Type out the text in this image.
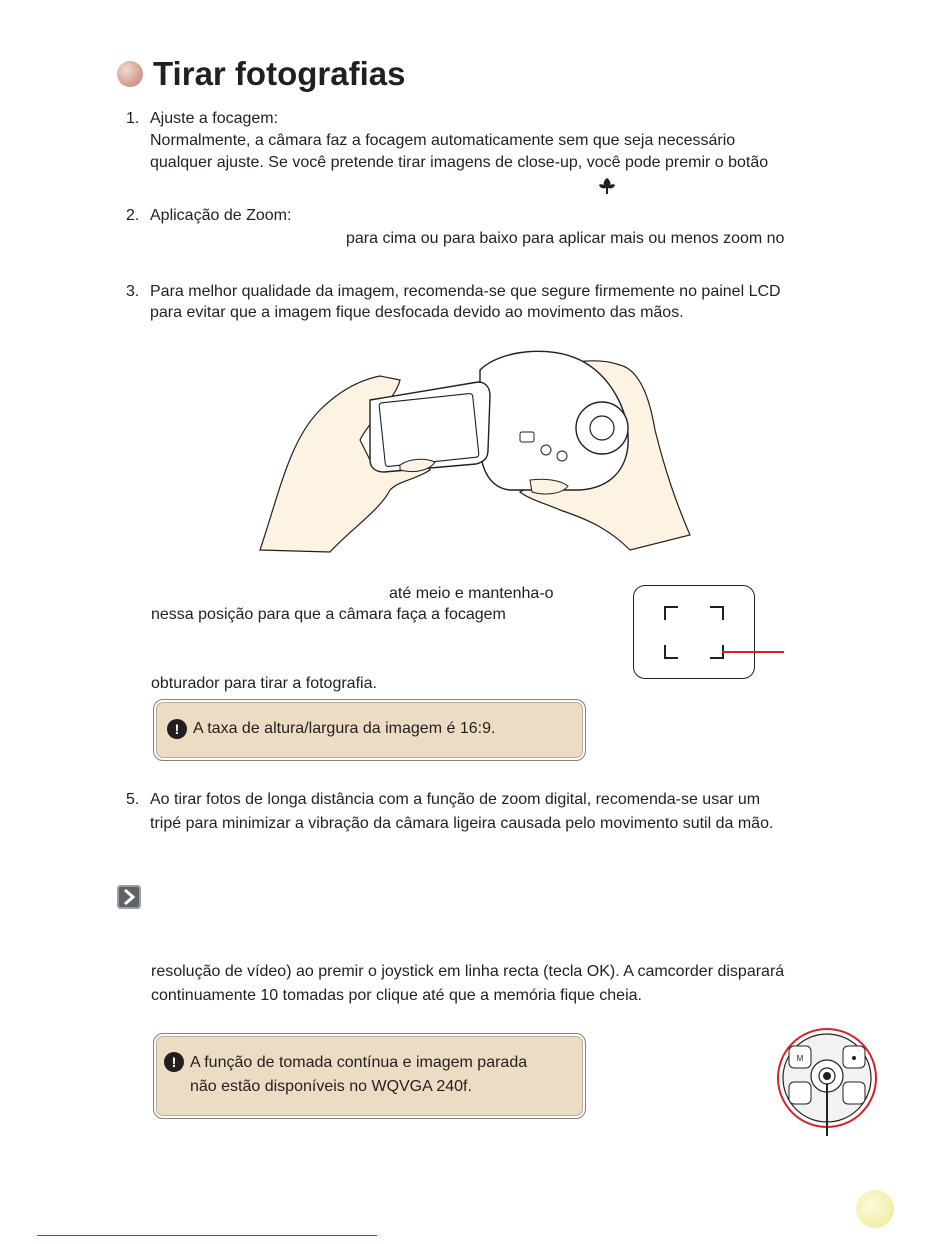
Tirar fotografias
1. Ajuste a focagem:
Normalmente, a câmara faz a focagem automaticamente sem que seja necessário
qualquer ajuste. Se você pretende tirar imagens de close-up, você pode premir o botão
2. Aplicação de Zoom:
para cima ou para baixo para aplicar mais ou menos zoom no
3. Para melhor qualidade da imagem, recomenda-se que segure firmemente no painel LCD
para evitar que a imagem fique desfocada devido ao movimento das mãos.
até meio e mantenha-o
nessa posição para que a câmara faça a focagem
obturador para tirar a fotografia.
! A taxa de altura/largura da imagem é 16:9.
5. Ao tirar fotos de longa distância com a função de zoom digital, recomenda-se usar um
tripé para minimizar a vibração da câmara ligeira causada pelo movimento sutil da mão.
resolução de vídeo) ao premir o joystick em linha recta (tecla OK). A camcorder disparará
continuamente 10 tomadas por clique até que a memória fique cheia.
! A função de tomada contínua e imagem parada
não estão disponíveis no WQVGA 240f.
M
